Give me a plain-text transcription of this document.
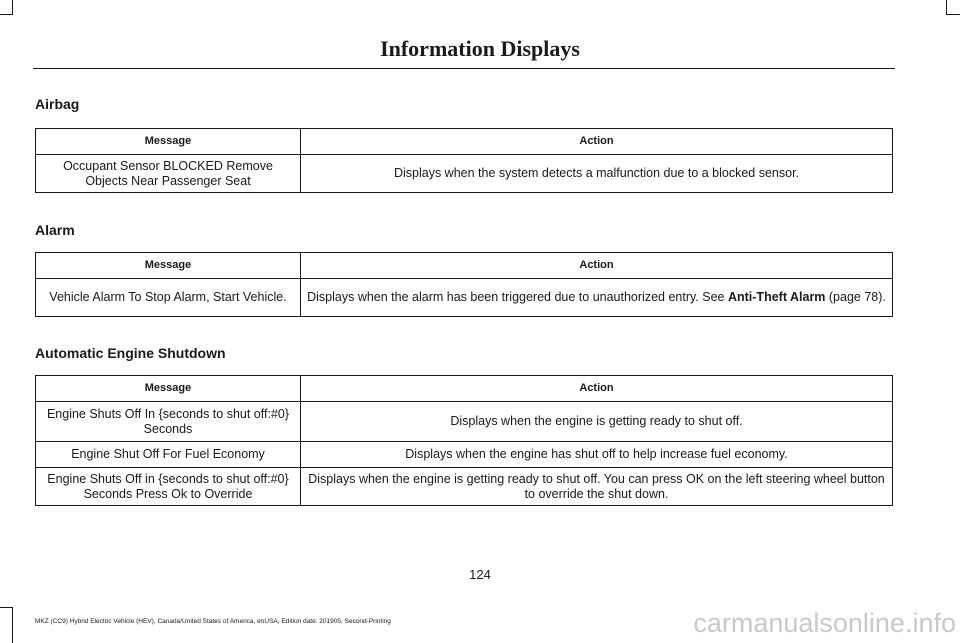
Information Displays
Airbag
Message	Action
Occupant Sensor BLOCKED Remove Objects Near Passenger Seat	Displays when the system detects a malfunction due to a blocked sensor.
Alarm
Message	Action
Vehicle Alarm To Stop Alarm, Start Vehicle.	Displays when the alarm has been triggered due to unauthorized entry. See Anti-Theft Alarm (page 78).
Automatic Engine Shutdown
Message	Action
Engine Shuts Off In {seconds to shut off:#0} Seconds	Displays when the engine is getting ready to shut off.
Engine Shut Off For Fuel Economy	Displays when the engine has shut off to help increase fuel economy.
Engine Shuts Off in {seconds to shut off:#0} Seconds Press Ok to Override	Displays when the engine is getting ready to shut off. You can press OK on the left steering wheel button to override the shut down.
124
MKZ (CC9) Hybrid Electric Vehicle (HEV), Canada/United States of America, enUSA, Edition date: 201905, Second-Printing	carmanualsonline.info
